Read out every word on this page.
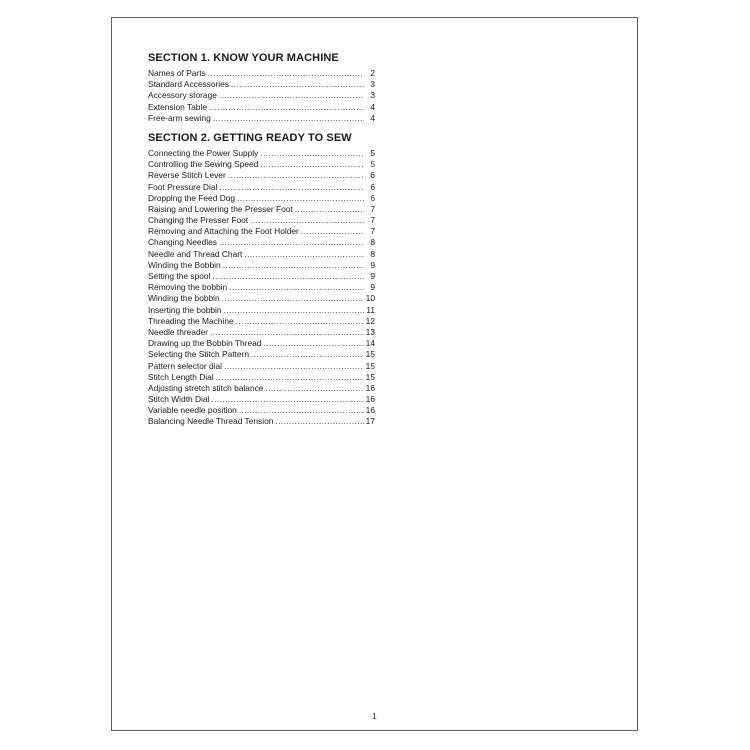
SECTION 1. KNOW YOUR MACHINE
Names of Parts .....	2
Standard Accessories .....	3
Accessory storage .....	3
Extension Table .....	4
Free-arm sewing .....	4
SECTION 2. GETTING READY TO SEW
Connecting the Power Supply .....	5
Controlling the Sewing Speed .....	5
Reverse Stitch Lever .....	6
Foot Pressure Dial .....	6
Dropping the Feed Dog .....	6
Raising and Lowering the Presser Foot .....	7
Changing the Presser Foot .....	7
Removing and Attaching the Foot Holder .....	7
Changing Needles .....	8
Needle and Thread Chart .....	8
Winding the Bobbin .....	9
Setting the spool .....	9
Removing the bobbin .....	9
Winding the bobbin .....	10
Inserting the bobbin .....	11
Threading the Machine .....	12
Needle threader .....	13
Drawing up the Bobbin Thread .....	14
Selecting the Stitch Pattern .....	15
Pattern selector dial .....	15
Stitch Length Dial .....	15
Adjusting stretch stitch balance .....	16
Stitch Width Dial .....	16
Variable needle position .....	16
Balancing Needle Thread Tension .....	17
1
